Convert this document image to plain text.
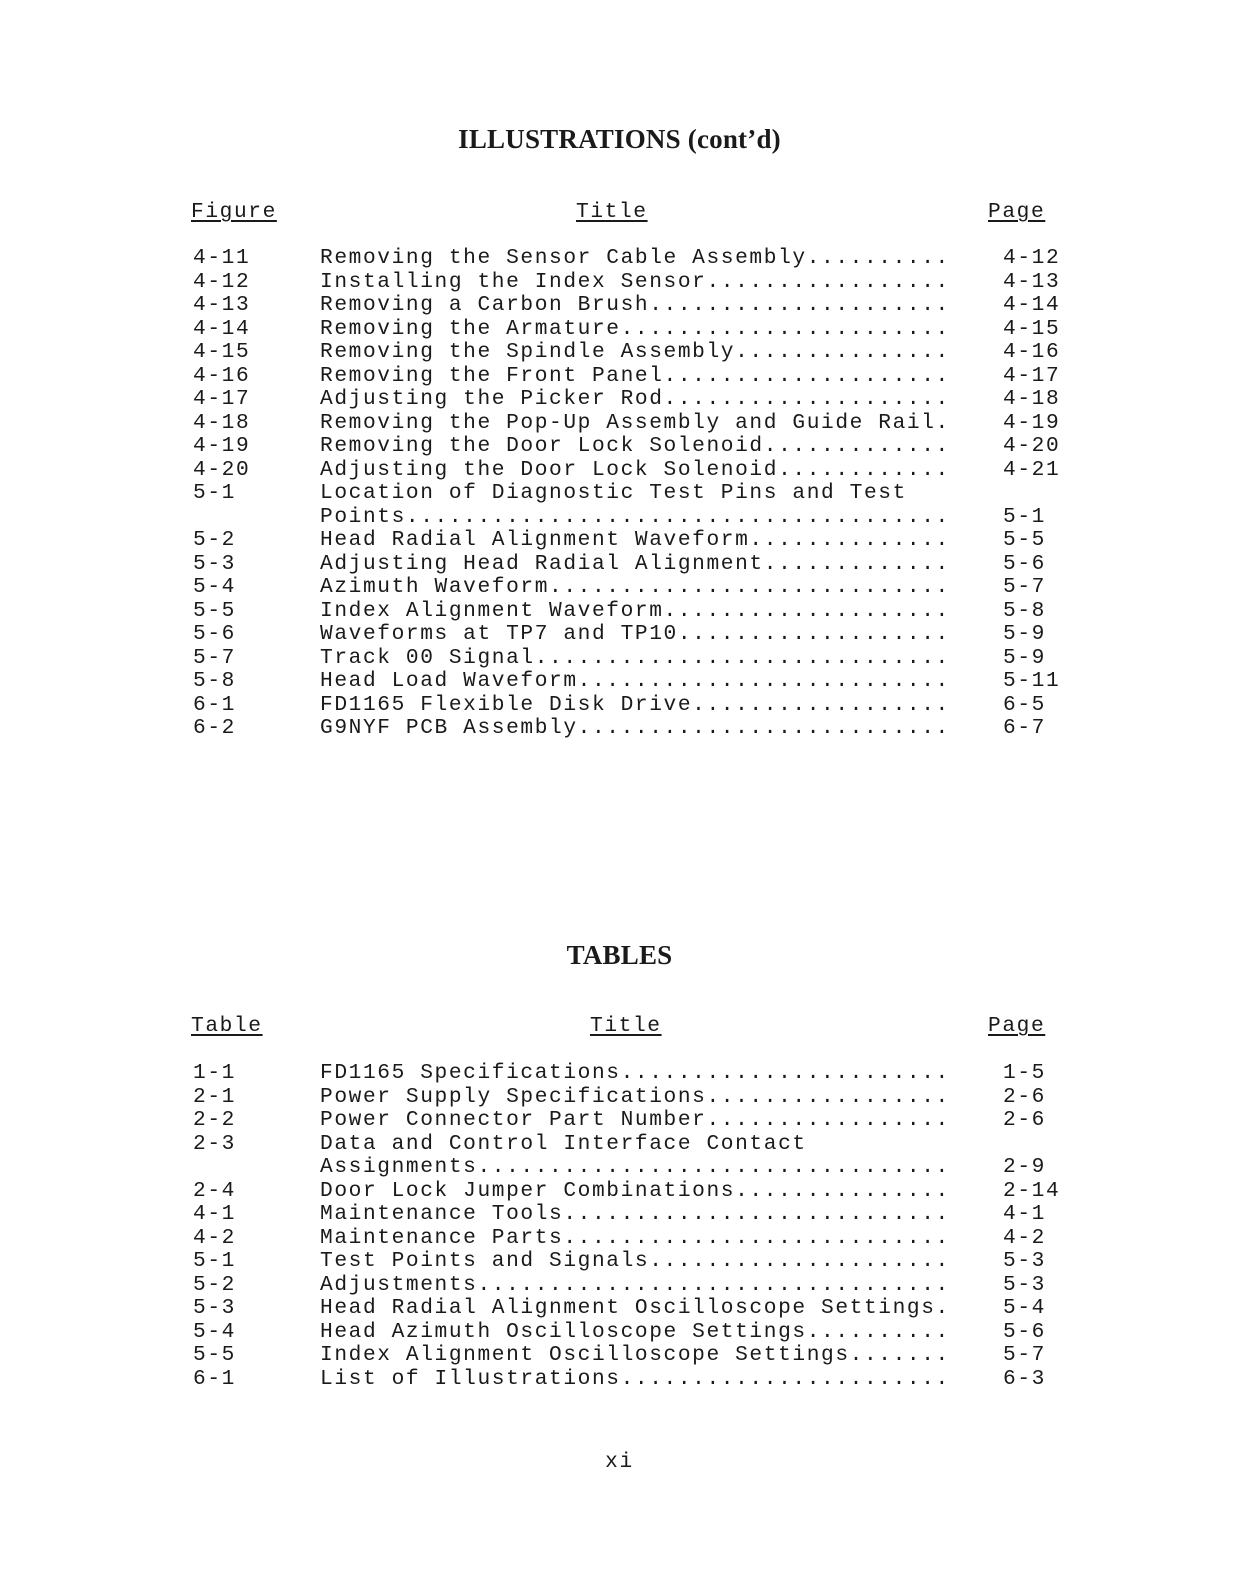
ILLUSTRATIONS (cont’d)
Figure	Title	Page
4-11	Removing the Sensor Cable Assembly..........	4-12
4-12	Installing the Index Sensor.................	4-13
4-13	Removing a Carbon Brush.....................	4-14
4-14	Removing the Armature.......................	4-15
4-15	Removing the Spindle Assembly...............	4-16
4-16	Removing the Front Panel....................	4-17
4-17	Adjusting the Picker Rod....................	4-18
4-18	Removing the Pop-Up Assembly and Guide Rail.	4-19
4-19	Removing the Door Lock Solenoid.............	4-20
4-20	Adjusting the Door Lock Solenoid............	4-21
5-1	Location of Diagnostic Test Pins and Test
Points......................................	5-1
5-2	Head Radial Alignment Waveform..............	5-5
5-3	Adjusting Head Radial Alignment.............	5-6
5-4	Azimuth Waveform............................	5-7
5-5	Index Alignment Waveform....................	5-8
5-6	Waveforms at TP7 and TP10...................	5-9
5-7	Track 00 Signal.............................	5-9
5-8	Head Load Waveform..........................	5-11
6-1	FD1165 Flexible Disk Drive..................	6-5
6-2	G9NYF PCB Assembly..........................	6-7
TABLES
Table	Title	Page
1-1	FD1165 Specifications.......................	1-5
2-1	Power Supply Specifications.................	2-6
2-2	Power Connector Part Number.................	2-6
2-3	Data and Control Interface Contact
Assignments.................................	2-9
2-4	Door Lock Jumper Combinations...............	2-14
4-1	Maintenance Tools...........................	4-1
4-2	Maintenance Parts...........................	4-2
5-1	Test Points and Signals.....................	5-3
5-2	Adjustments.................................	5-3
5-3	Head Radial Alignment Oscilloscope Settings.	5-4
5-4	Head Azimuth Oscilloscope Settings..........	5-6
5-5	Index Alignment Oscilloscope Settings.......	5-7
6-1	List of Illustrations.......................	6-3
xi
